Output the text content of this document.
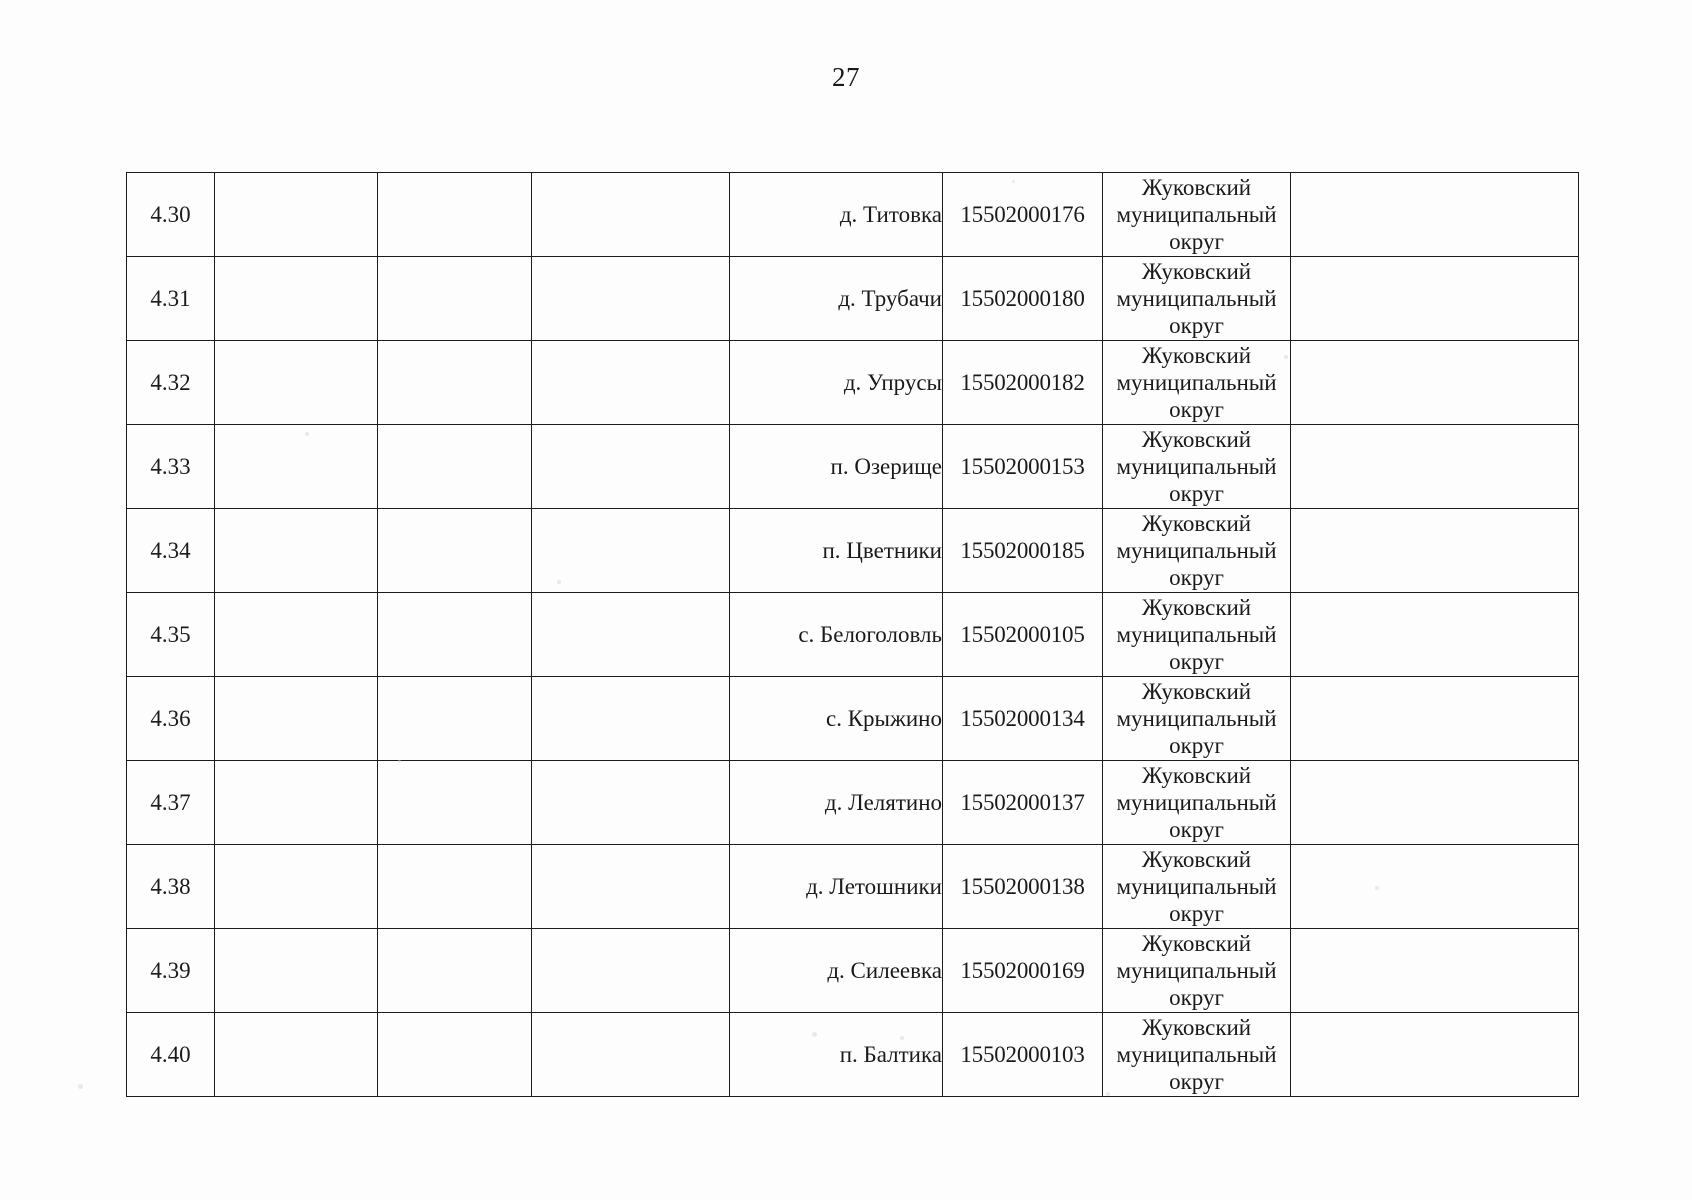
27
4.30				д. Титовка	15502000176	Жуковский муниципальный округ	
4.31				д. Трубачи	15502000180	Жуковский муниципальный округ	
4.32				д. Упрусы	15502000182	Жуковский муниципальный округ	
4.33				п. Озерище	15502000153	Жуковский муниципальный округ	
4.34				п. Цветники	15502000185	Жуковский муниципальный округ	
4.35				с. Белоголовль	15502000105	Жуковский муниципальный округ	
4.36				с. Крыжино	15502000134	Жуковский муниципальный округ	
4.37				д. Лелятино	15502000137	Жуковский муниципальный округ	
4.38				д. Летошники	15502000138	Жуковский муниципальный округ	
4.39				д. Силеевка	15502000169	Жуковский муниципальный округ	
4.40				п. Балтика	15502000103	Жуковский муниципальный округ	
